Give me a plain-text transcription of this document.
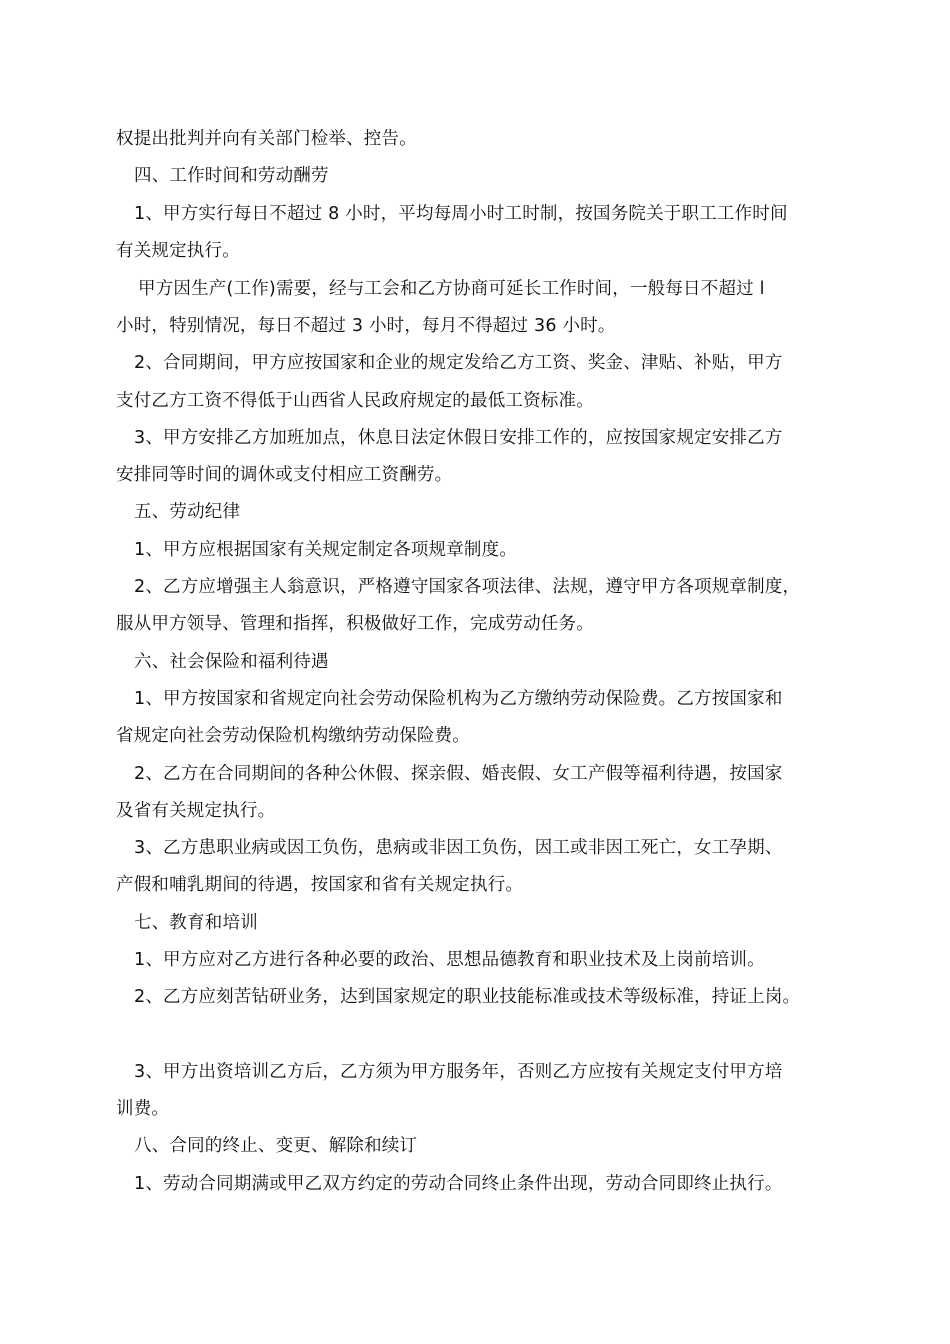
权提出批判并向有关部门检举、控告。
四、工作时间和劳动酬劳
1、甲方实行每日不超过 8 小时，平均每周小时工时制，按国务院关于职工工作时间
有关规定执行。
甲方因生产(工作)需要，经与工会和乙方协商可延长工作时间，一般每日不超过 l
小时，特别情况，每日不超过 3 小时，每月不得超过 36 小时。
2、合同期间，甲方应按国家和企业的规定发给乙方工资、奖金、津贴、补贴，甲方
支付乙方工资不得低于山西省人民政府规定的最低工资标准。
3、甲方安排乙方加班加点，休息日法定休假日安排工作的，应按国家规定安排乙方
安排同等时间的调休或支付相应工资酬劳。
五、劳动纪律
1、甲方应根据国家有关规定制定各项规章制度。
2、乙方应增强主人翁意识，严格遵守国家各项法律、法规，遵守甲方各项规章制度，
服从甲方领导、管理和指挥，积极做好工作，完成劳动任务。
六、社会保险和福利待遇
1、甲方按国家和省规定向社会劳动保险机构为乙方缴纳劳动保险费。乙方按国家和
省规定向社会劳动保险机构缴纳劳动保险费。
2、乙方在合同期间的各种公休假、探亲假、婚丧假、女工产假等福利待遇，按国家
及省有关规定执行。
3、乙方患职业病或因工负伤，患病或非因工负伤，因工或非因工死亡，女工孕期、
产假和哺乳期间的待遇，按国家和省有关规定执行。
七、教育和培训
1、甲方应对乙方进行各种必要的政治、思想品德教育和职业技术及上岗前培训。
2、乙方应刻苦钻研业务，达到国家规定的职业技能标准或技术等级标准，持证上岗。
3、甲方出资培训乙方后，乙方须为甲方服务年，否则乙方应按有关规定支付甲方培
训费。
八、合同的终止、变更、解除和续订
1、劳动合同期满或甲乙双方约定的劳动合同终止条件出现，劳动合同即终止执行。
